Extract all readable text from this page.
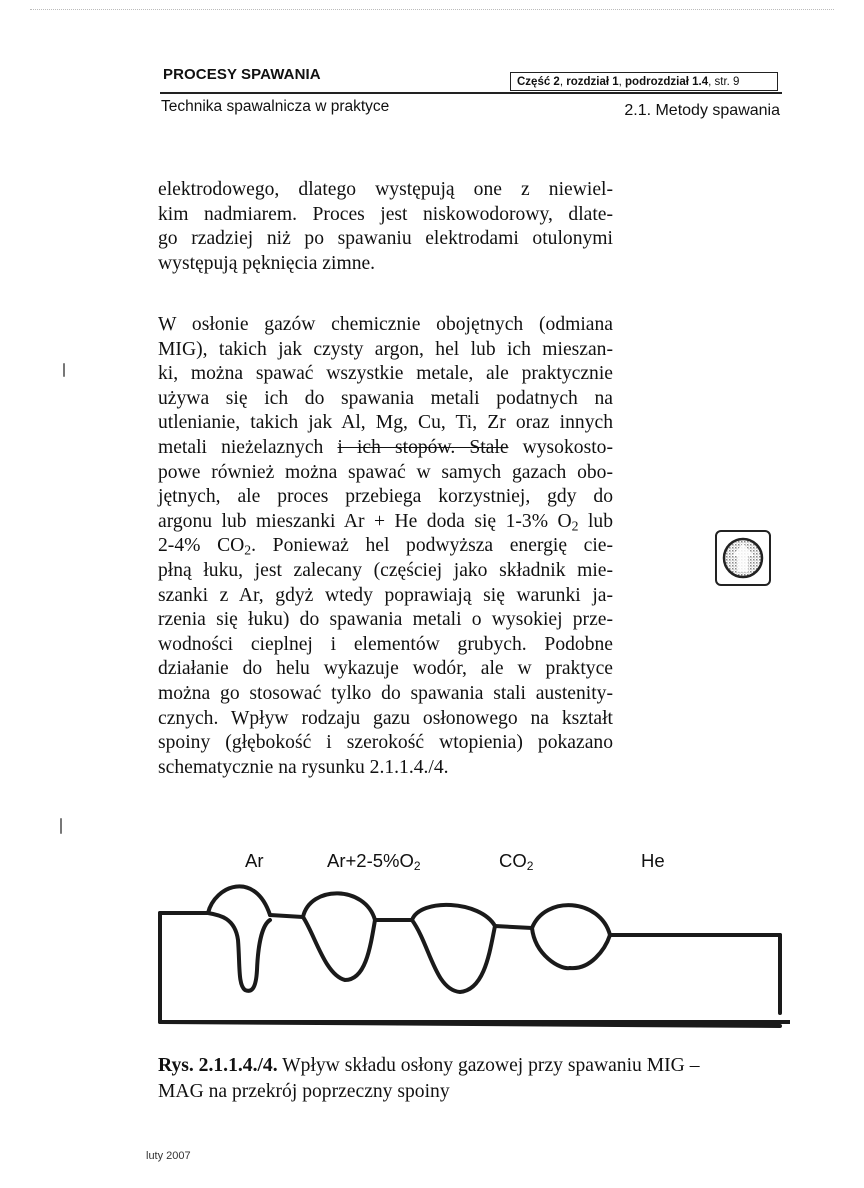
PROCESY SPAWANIA	Część 2, rozdział 1, podrozdział 1.4, str. 9
Technika spawalnicza w praktyce	2.1. Metody spawania
elektrodowego, dlatego występują one z niewiel-
kim nadmiarem. Proces jest niskowodorowy, dlate-
go rzadziej niż po spawaniu elektrodami otulonymi
występują pęknięcia zimne.
W osłonie gazów chemicznie obojętnych (odmiana
MIG), takich jak czysty argon, hel lub ich mieszan-
ki, można spawać wszystkie metale, ale praktycznie
używa się ich do spawania metali podatnych na
utlenianie, takich jak Al, Mg, Cu, Ti, Zr oraz innych
metali nieżelaznych i ich stopów. Stale wysokosto-
powe również można spawać w samych gazach obo-
jętnych, ale proces przebiega korzystniej, gdy do
argonu lub mieszanki Ar + He doda się 1-3% $O_2$ lub
2-4% $CO_2$. Ponieważ hel podwyższa energię cie-
płną łuku, jest zalecany (częściej jako składnik mie-
szanki z Ar, gdyż wtedy poprawiają się warunki ja-
rzenia się łuku) do spawania metali o wysokiej prze-
wodności cieplnej i elementów grubych. Podobne
działanie do helu wykazuje wodór, ale w praktyce
można go stosować tylko do spawania stali austenity-
cznych. Wpływ rodzaju gazu osłonowego na kształt
spoiny (głębokość i szerokość wtopienia) pokazano
schematycznie na rysunku 2.1.1.4./4.
Ar	$Ar+2-5\%O_2$	$CO_2$	He
Rys. 2.1.1.4./4. Wpływ składu osłony gazowej przy spawaniu MIG –
MAG na przekrój poprzeczny spoiny
luty 2007
